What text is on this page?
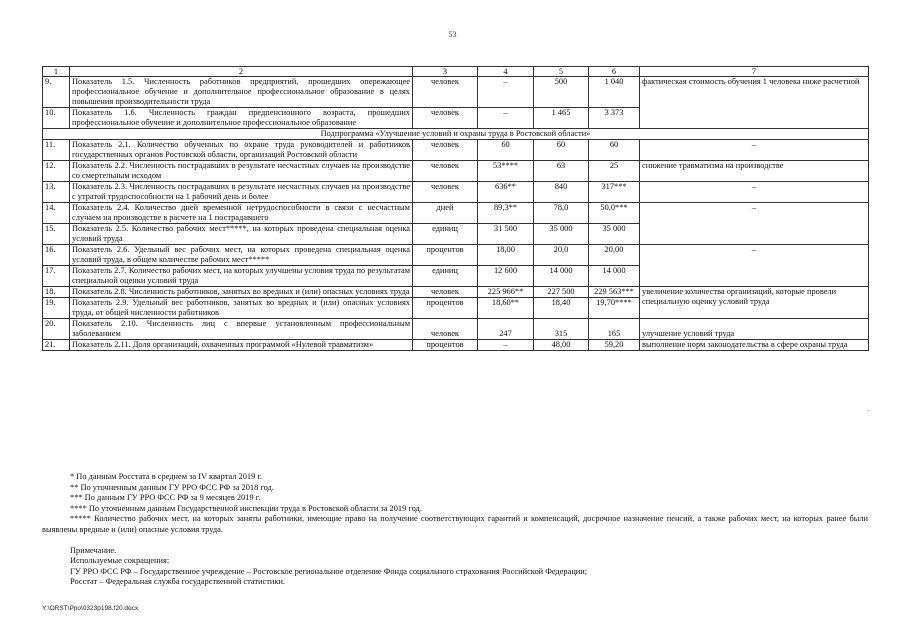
53
1	2	3	4	5	6	7
9.	Показатель 1.5. Численность работников предприятий, прошедших опережающее профессиональное обучение и дополнительное профессиональное образование в целях повышения производительности труда	человек	–	500	1 040	фактическая стоимость обучения 1 человека ниже расчетной
10.	Показатель 1.6. Численность граждан предпенсионного возраста, прошедших профессиональное обучение и дополнительное профессиональное образование	человек	–	1 465	3 373	
Подпрограмма «Улучшение условий и охраны труда в Ростовской области»						
11.	Показатель 2.1. Количество обученных по охране труда руководителей и работников государственных органов Ростовской области, организаций Ростовской области	человек	60	60	60	–
12.	Показатель 2.2. Численность пострадавших в результате несчастных случаев на производстве со смертельным исходом	человек	53****	63	25	снижение травматизма на производстве
13.	Показатель 2.3. Численность пострадавших в результате несчастных случаев на производстве с утратой трудоспособности на 1 рабочий день и более	человек	636**	840	317***	–
14.	Показатель 2.4. Количество дней временной нетрудоспособности в связи с несчастным случаем на производстве в расчете на 1 пострадавшего	дней	89,3**	78,0	50,0***	–
15.	Показатель 2.5. Количество рабочих мест*****, на которых проведена специальная оценка условий труда	единиц	31 500	35 000	35 000	
16.	Показатель 2.6. Удельный вес рабочих мест, на которых проведена специальная оценка условий труда, в общем количестве рабочих мест*****	процентов	18,00	20,0	20,00	–
17.	Показатель 2.7. Количество рабочих мест, на которых улучшены условия труда по результатам специальной оценки условий труда	единиц	12 600	14 000	14 000	
18.	Показатель 2.8. Численность работников, занятых во вредных и (или) опасных условиях труда	человек	225 966**	227 500	229 563***	увеличение количества организаций, которые провели специальную оценку условий труда
19.	Показатель 2.9. Удельный вес работников, занятых во вредных и (или) опасных условиях труда, от общей численности работников	процентов	18,60**	18,40	19,70****	
20.	Показатель 2.10. Численность лиц с впервые установленным профессиональным заболеванием	человек	247	315	165	улучшение условий труда
21.	Показатель 2.11. Доля организаций, охваченных программой «Нулевой травматизм»	процентов	–	48,00	59,20	выполнение норм законодательства в сфере охраны труда
.

* По данным Росстата в среднем за IV квартал 2019 г.

** По уточненным данным ГУ РРО ФСС РФ за 2018 год.

*** По данным ГУ РРО ФСС РФ за 9 месяцев 2019 г.

**** По уточненным данным Государственной инспекции труда в Ростовской области за 2019 год.

***** Количество рабочих мест, на которых заняты работники, имеющие право на получение соответствующих гарантий и компенсаций, досрочное назначение пенсий, а также рабочих мест, на которых ранее были выявлены вредные и (или) опасные условия труда.

Примечание.

Используемые сокращения:

ГУ РРО ФСС РФ – Государственное учреждение – Ростовское региональное отделение Фонда социального страхования Российской Федерации;

Росстат – Федеральная служба государственной статистики.

Y:\ORST\Ppo\0323p198.f20.docx
